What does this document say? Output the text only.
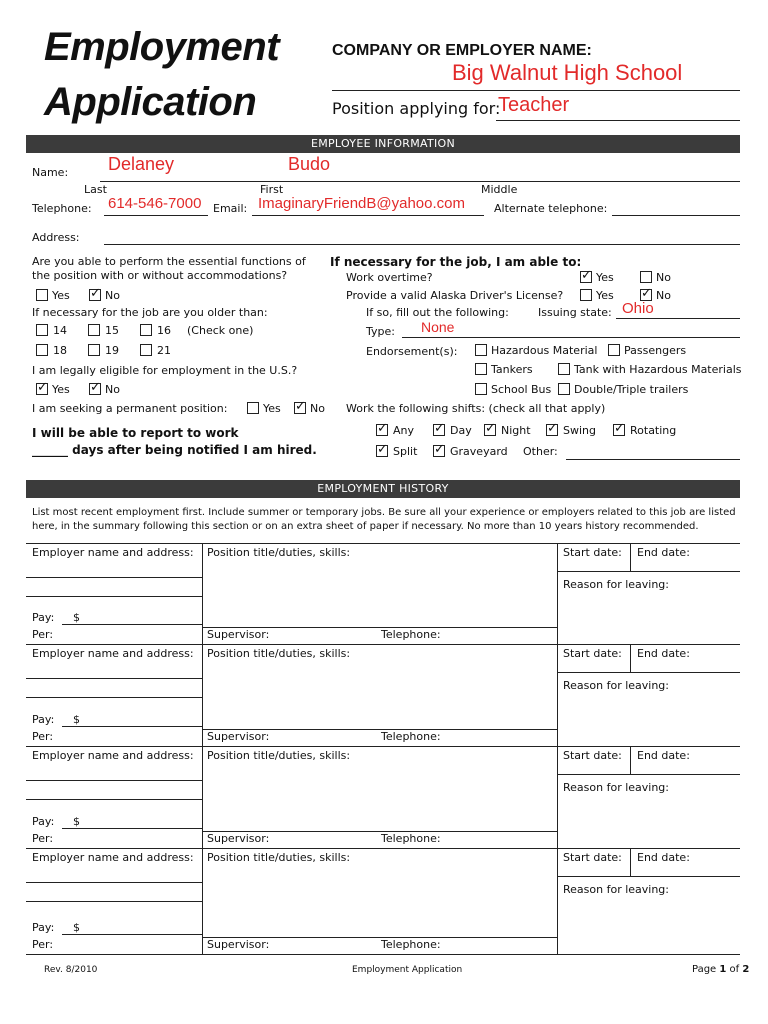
Employment
Application
COMPANY OR EMPLOYER NAME:
Big Walnut High School
Position applying for:
Teacher
EMPLOYEE INFORMATION
Name: Delaney	Budo
Last	First	Middle
Telephone: 614-546-7000 Email: ImaginaryFriendB@yahoo.com	Alternate telephone:
Address:
Are you able to perform the essential functions of
the position with or without accommodations?
Yes ✓	No
If necessary for the job are you older than:
14	15	16 (Check one)
18	19	21
I am legally eligible for employment in the U.S.?
✓
Yes ✓	No
I am seeking a permanent position:	Yes ✓	No
I will be able to report to work
______ days after being notified I am hired.
If necessary for the job, I am able to:
Work overtime? ✓	Yes	No
Provide a valid Alaska Driver's License?	Yes ✓	No
If so, fill out the following:	Issuing state: Ohio
Type: None
Endorsement(s):	Hazardous Material Passengers
Tankers	Tank with Hazardous Materials
School Bus Double/Triple trailers
Work the following shifts: (check all that apply)
✓
Any ✓	Day ✓	Night ✓	Swing ✓	Rotating
✓
Split ✓	Graveyard Other:
EMPLOYMENT HISTORY
List most recent employment first. Include summer or temporary jobs. Be sure all your experience or employers related to this job are listed
here, in the summary following this section or on an extra sheet of paper if necessary. No more than 10 years history recommended.
Employer name and address: Position title/duties, skills:	Start date: End date:
Reason for leaving:
Pay: $
Per:	Supervisor:	Telephone:
Employer name and address: Position title/duties, skills:	Start date: End date:
Reason for leaving:
Pay: $
Per:	Supervisor:	Telephone:
Employer name and address: Position title/duties, skills:	Start date: End date:
Reason for leaving:
Pay: $
Per:	Supervisor:	Telephone:
Employer name and address: Position title/duties, skills:	Start date: End date:
Reason for leaving:
Pay: $
Per:	Supervisor:	Telephone:
Rev. 8/2010	Employment Application	Page 1 of 2
